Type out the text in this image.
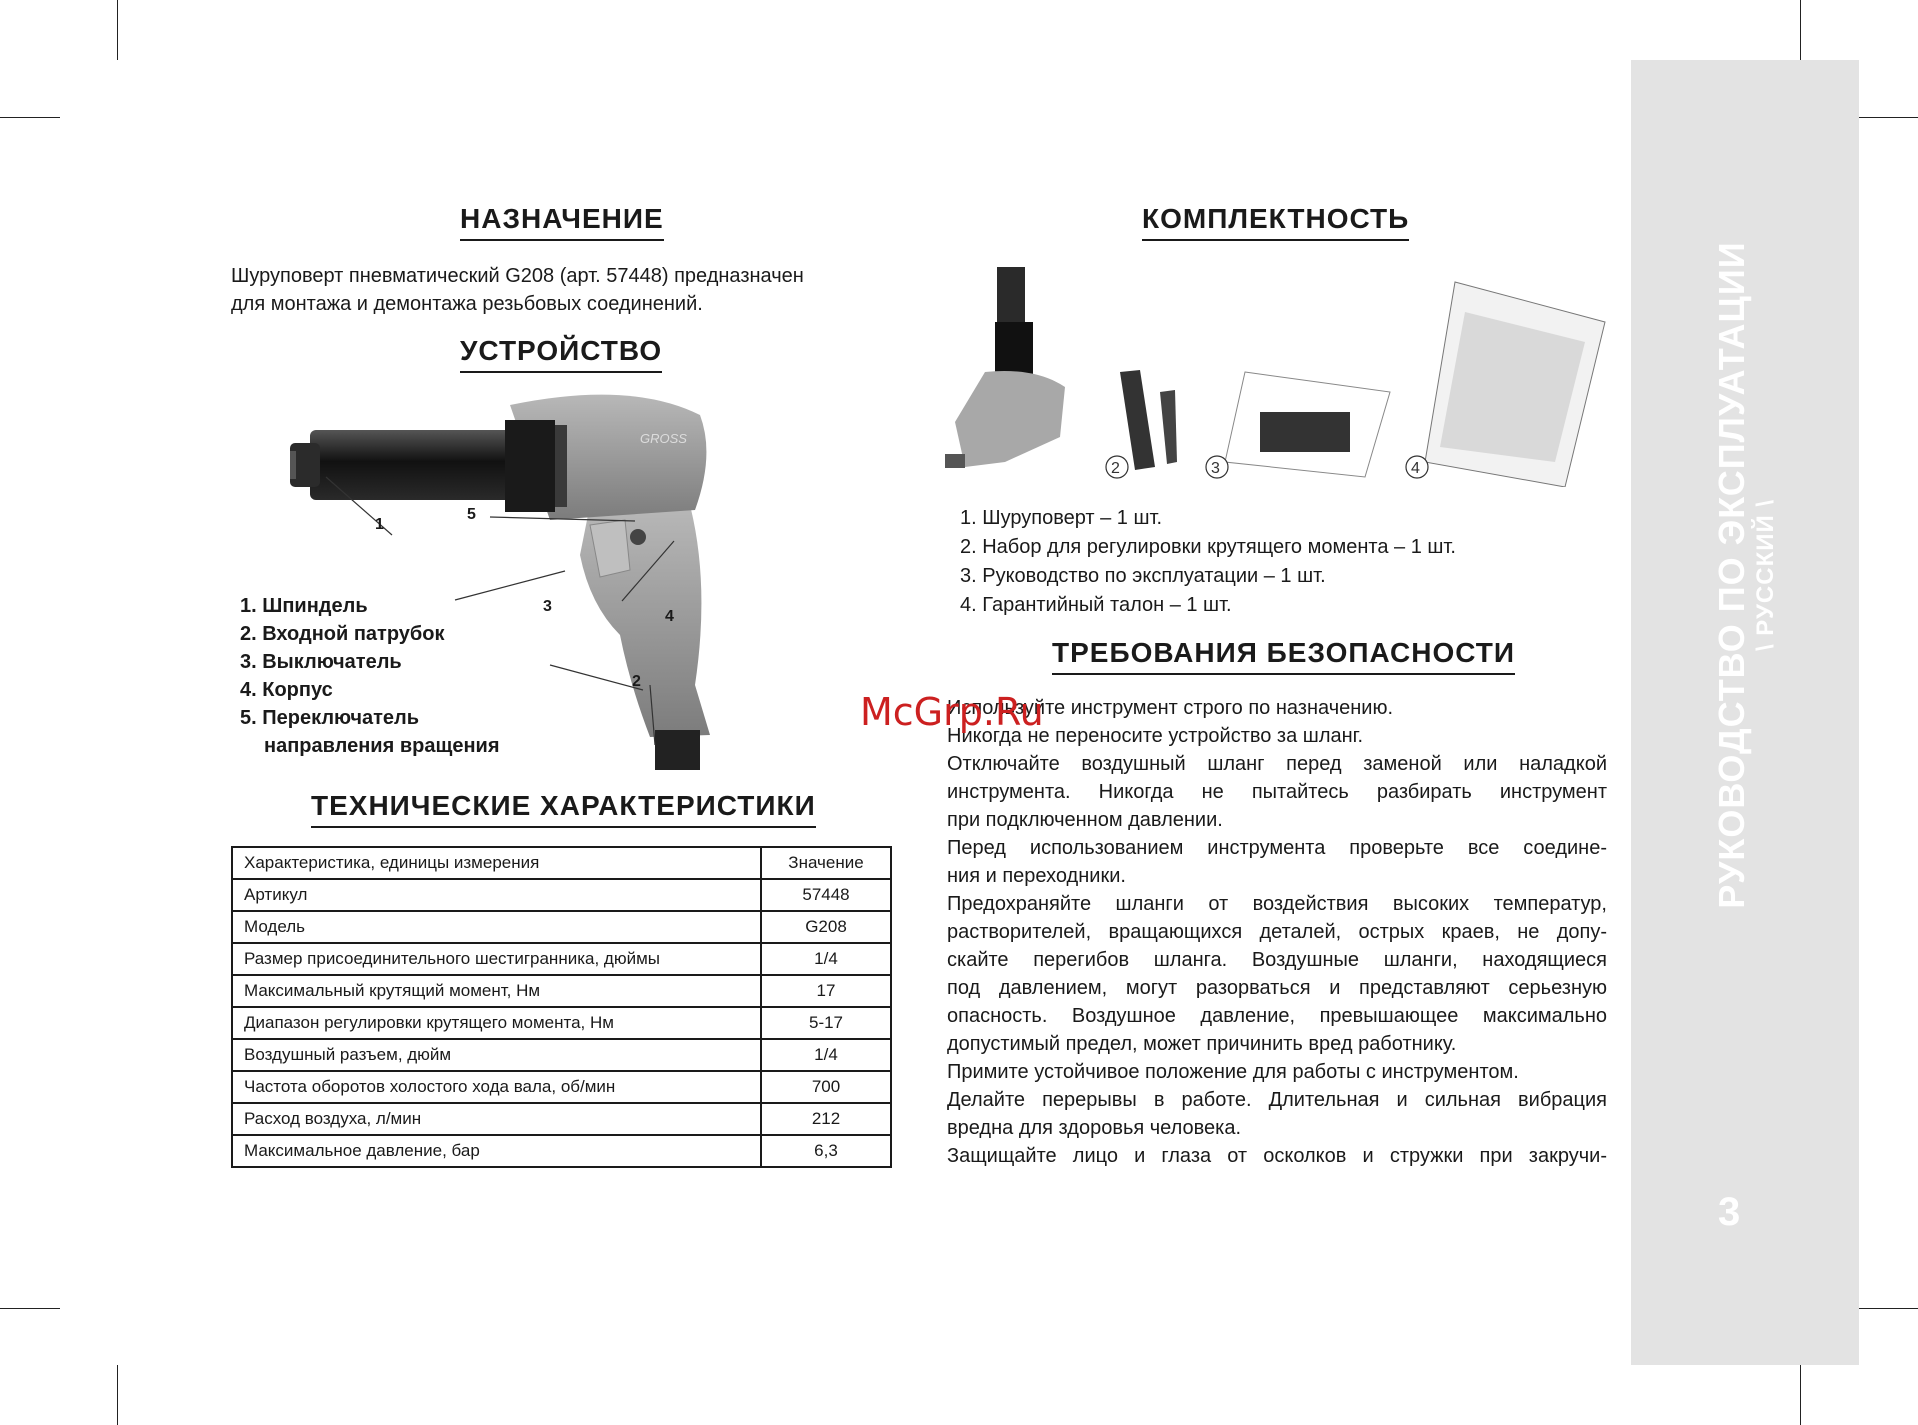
НАЗНАЧЕНИЕ
Шуруповерт пневматический G208 (арт. 57448) предназначен
для монтажа и демонтажа резьбовых соединений.
УСТРОЙСТВО
GROSS
1
5
3
4
2
1. Шпиндель
2. Входной патрубок
3. Выключатель
4. Корпус
5. Переключатель
направления вращения
ТЕХНИЧЕСКИЕ ХАРАКТЕРИСТИКИ
Характеристика, единицы измерения	Значение
Артикул	57448
Модель	G208
Размер присоединительного шестигранника, дюймы	1/4
Максимальный крутящий момент, Нм	17
Диапазон регулировки крутящего момента, Нм	5-17
Воздушный разъем, дюйм	1/4
Частота оборотов холостого хода вала, об/мин	700
Расход воздуха, л/мин	212
Максимальное давление, бар	6,3
КОМПЛЕКТНОСТЬ
2	3	4
1. Шуруповерт – 1 шт.
2. Набор для регулировки крутящего момента – 1 шт.
3. Руководство по эксплуатации – 1 шт.
4. Гарантийный талон – 1 шт.
ТРЕБОВАНИЯ БЕЗОПАСНОСТИ
Используйте инструмент строго по назначению.
Никогда не переносите устройство за шланг.
Отключайте воздушный шланг перед заменой или наладкой
инструмента. Никогда не пытайтесь разбирать инструмент
при подключенном давлении.
Перед использованием инструмента проверьте все соедине-
ния и переходники.
Предохраняйте шланги от воздействия высоких температур,
растворителей, вращающихся деталей, острых краев, не допу-
скайте перегибов шланга. Воздушные шланги, находящиеся
под давлением, могут разорваться и представляют серьезную
опасность. Воздушное давление, превышающее максимально
допустимый предел, может причинить вред работнику.
Примите устойчивое положение для работы с инструментом.
Делайте перерывы в работе. Длительная и сильная вибрация
вредна для здоровья человека.
Защищайте лицо и глаза от осколков и стружки при закручи-
McGrp.Ru	РУКОВОДСТВО ПО ЭКСПЛУАТАЦИИ \ РУССКИЙ \
3
